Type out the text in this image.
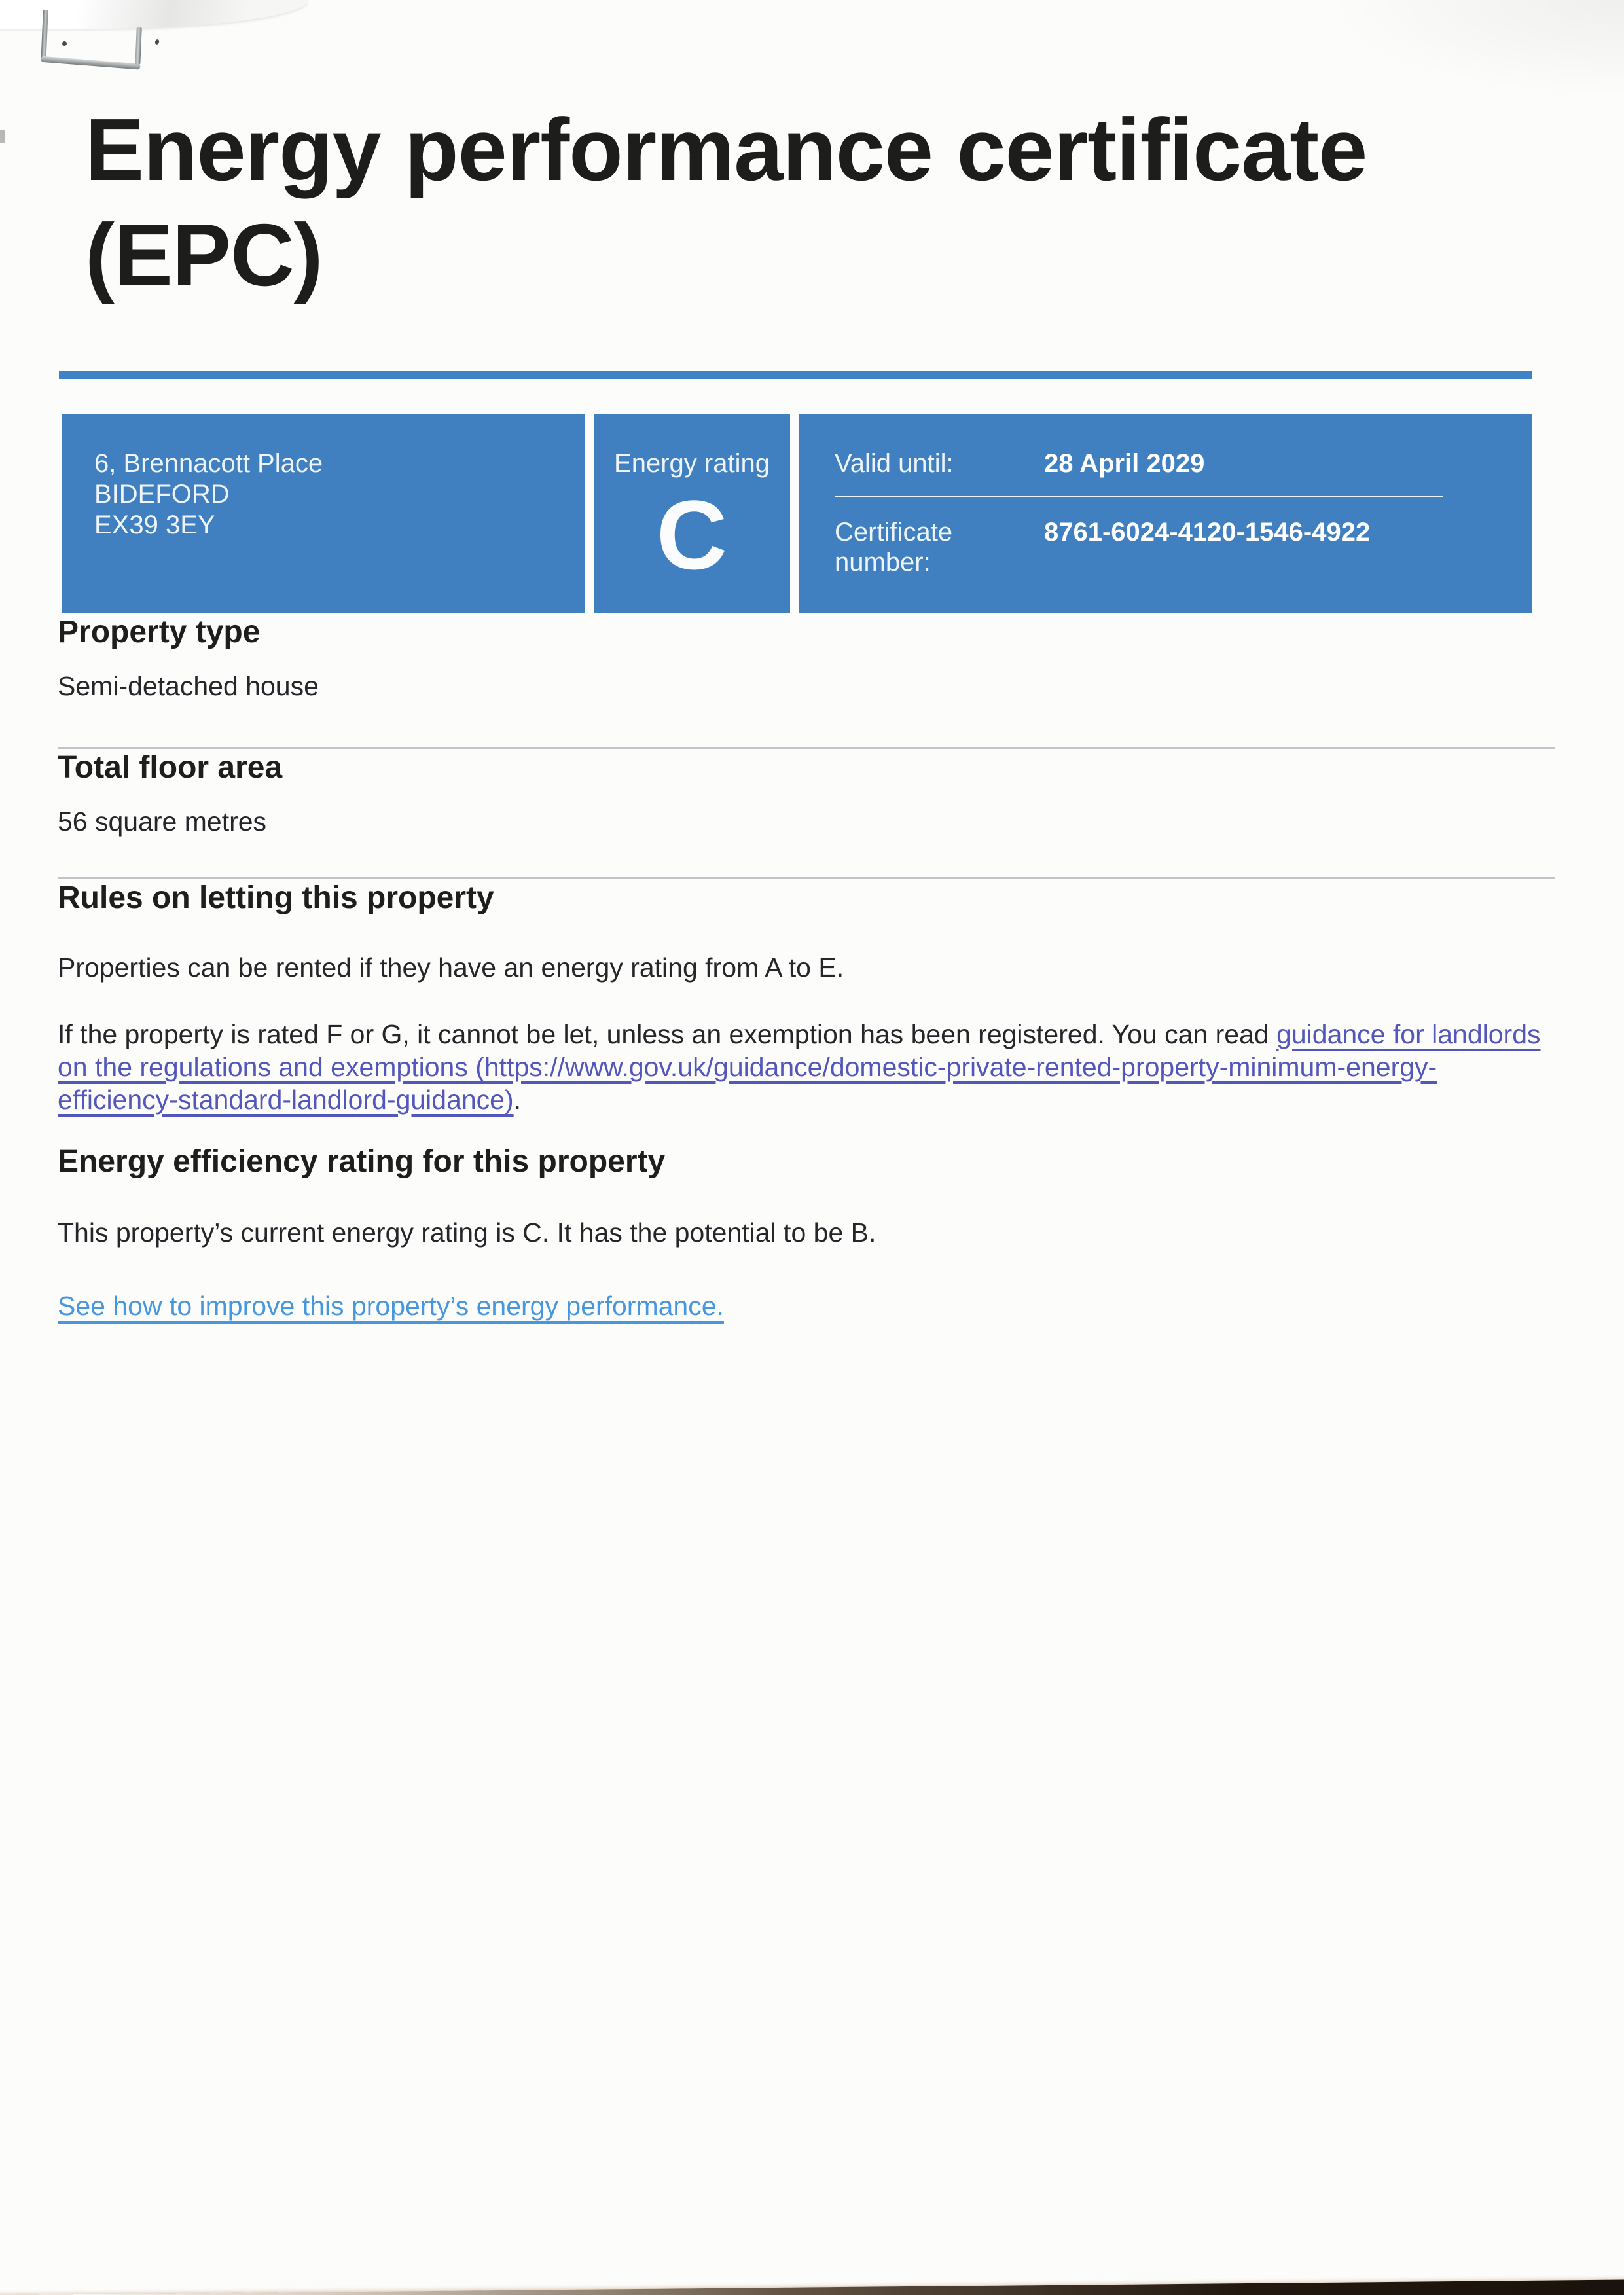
Energy performance certificate (EPC)
6, Brennacott Place
BIDEFORD
EX39 3EY
Energy rating
C
Valid until:	28 April 2029
Certificate number:
8761-6024-4120-1546-4922
Property type
Semi-detached house
Total floor area
56 square metres
Rules on letting this property

Properties can be rented if they have an energy rating from A to E.

If the property is rated F or G, it cannot be let, unless an exemption has been registered. You can read guidance for landlords on the regulations and exemptions (https://www.gov.uk/guidance/domestic-private-rented-property-minimum-energy-efficiency-standard-landlord-guidance).

Energy efficiency rating for this property

This property’s current energy rating is C. It has the potential to be B.

See how to improve this property’s energy performance.
